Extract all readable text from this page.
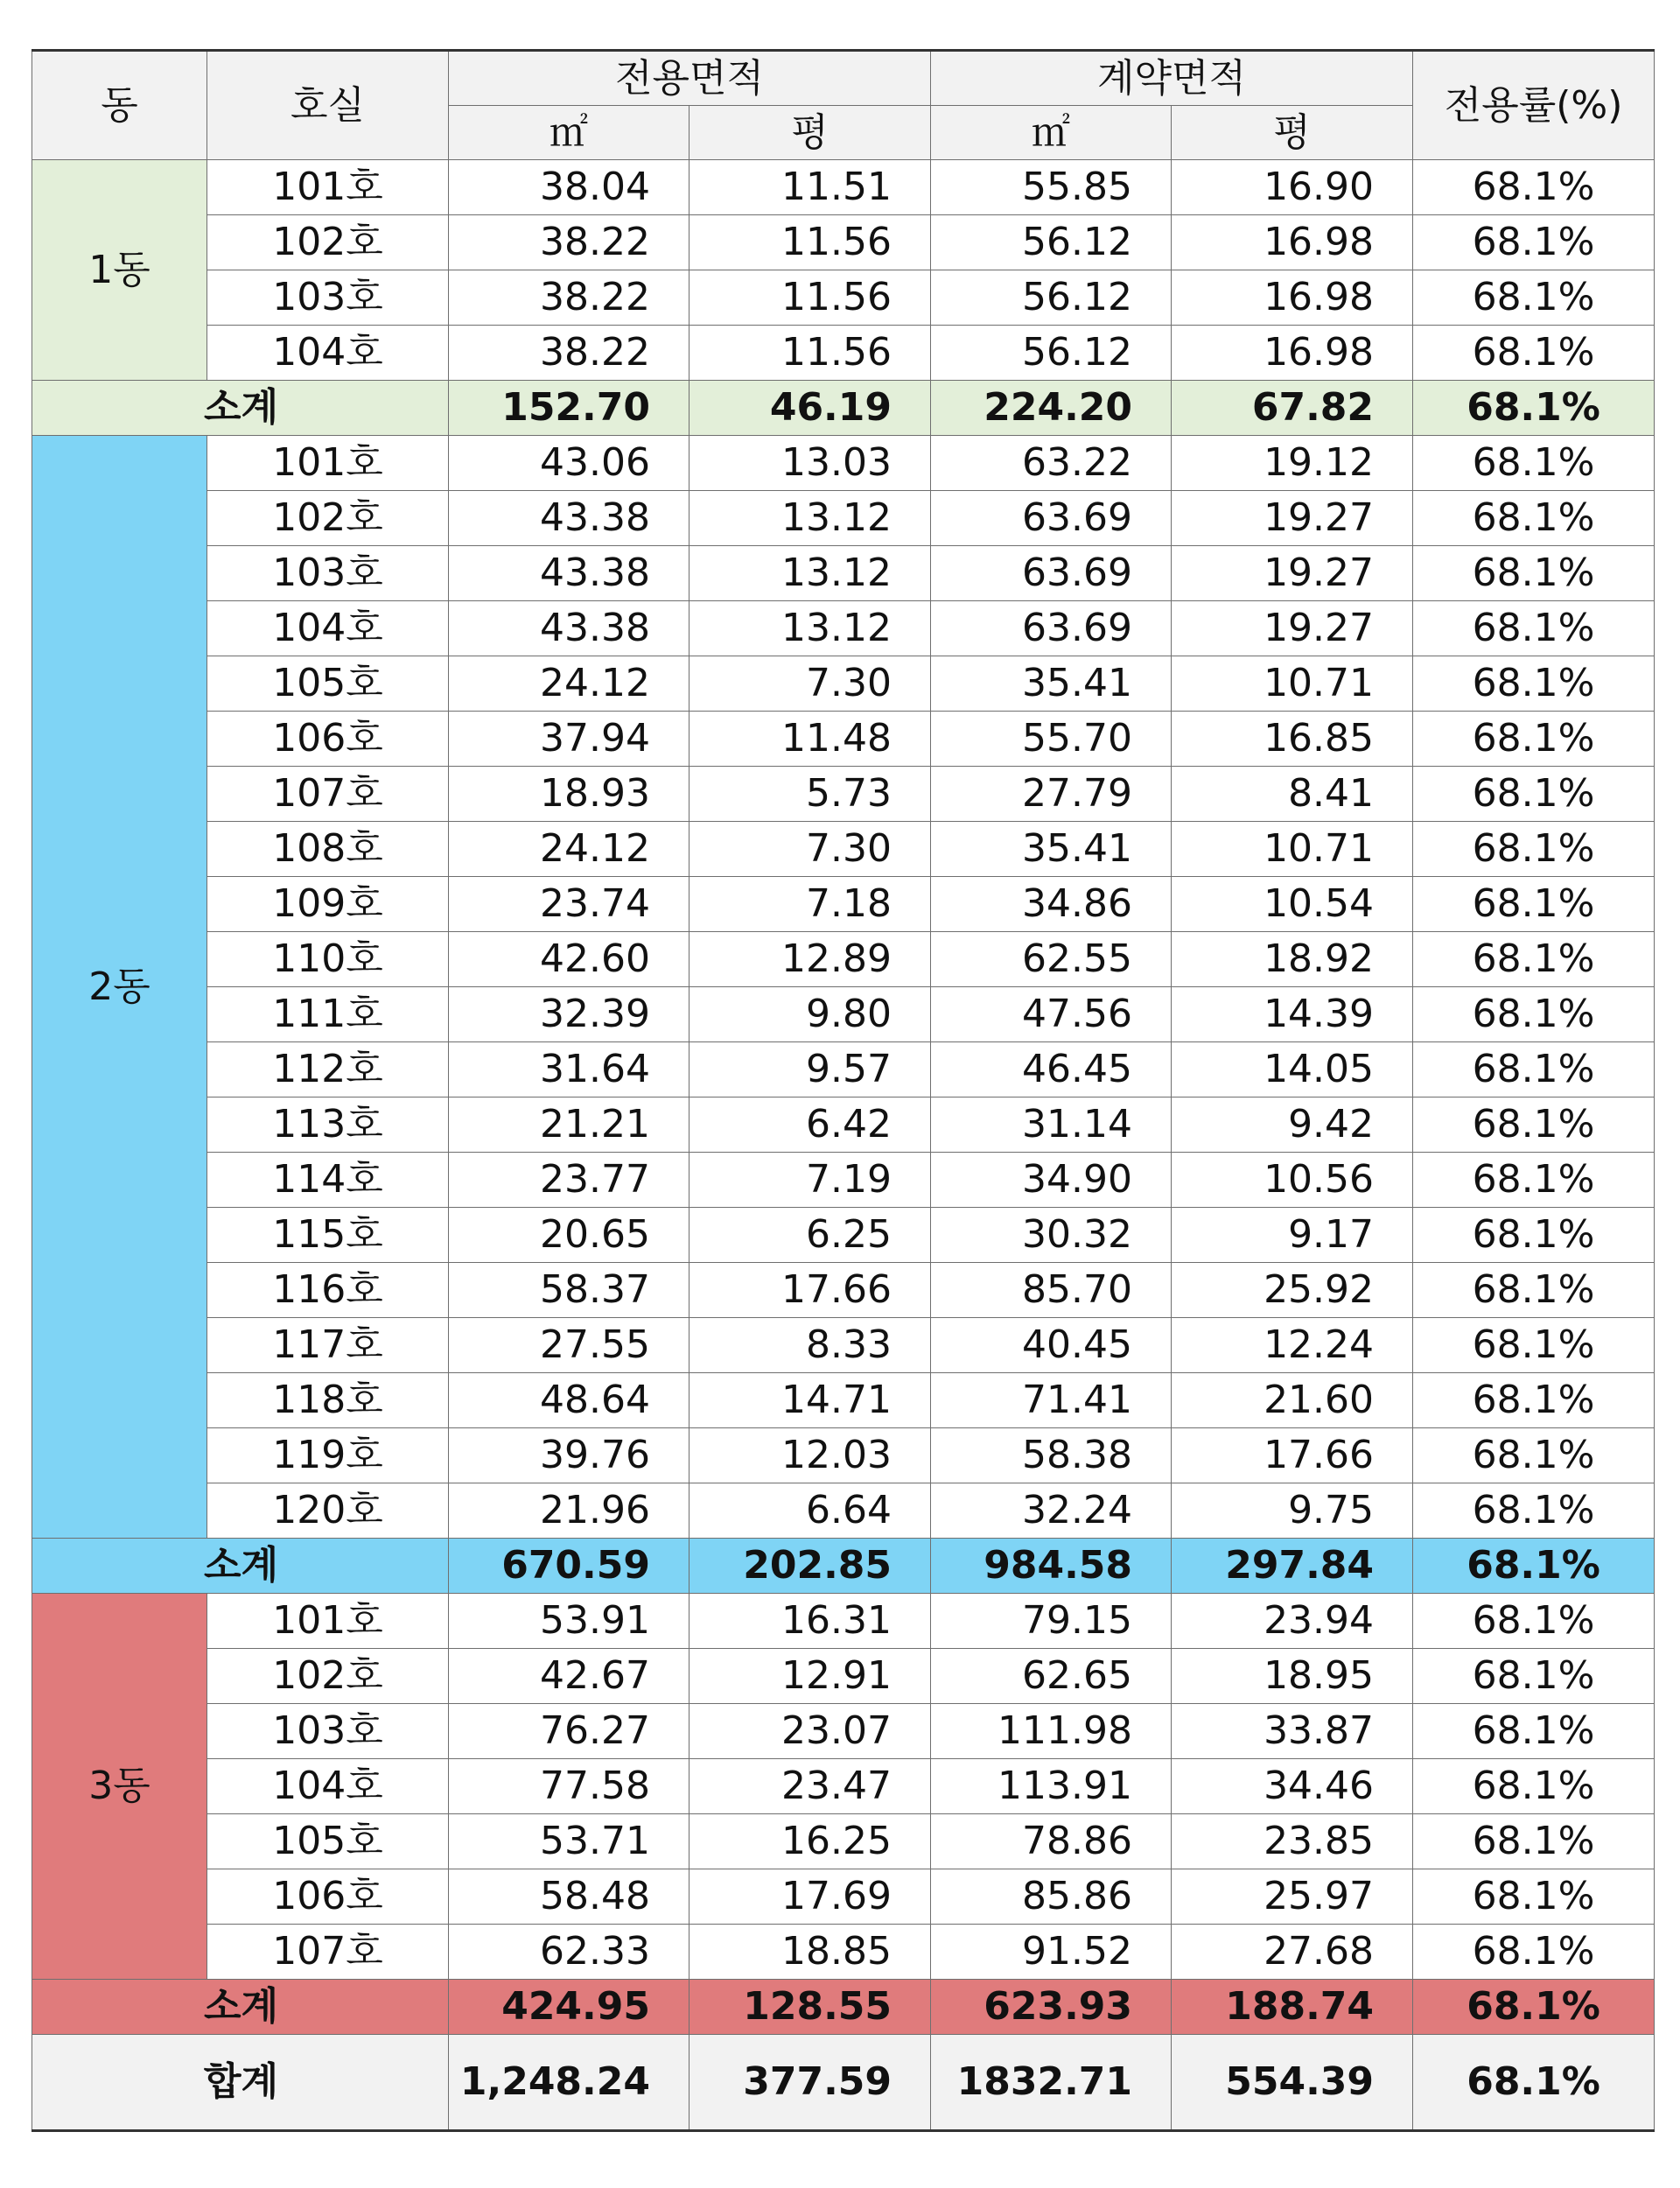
동	호실	전용면적		계약면적		전용률(%)
		㎡	평	㎡	평	
1동	101호	38.04	11.51	55.85	16.90	68.1%
	102호	38.22	11.56	56.12	16.98	68.1%
	103호	38.22	11.56	56.12	16.98	68.1%
	104호	38.22	11.56	56.12	16.98	68.1%
소계		152.70	46.19	224.20	67.82	68.1%
2동	101호	43.06	13.03	63.22	19.12	68.1%
	102호	43.38	13.12	63.69	19.27	68.1%
	103호	43.38	13.12	63.69	19.27	68.1%
	104호	43.38	13.12	63.69	19.27	68.1%
	105호	24.12	7.30	35.41	10.71	68.1%
	106호	37.94	11.48	55.70	16.85	68.1%
	107호	18.93	5.73	27.79	8.41	68.1%
	108호	24.12	7.30	35.41	10.71	68.1%
	109호	23.74	7.18	34.86	10.54	68.1%
	110호	42.60	12.89	62.55	18.92	68.1%
	111호	32.39	9.80	47.56	14.39	68.1%
	112호	31.64	9.57	46.45	14.05	68.1%
	113호	21.21	6.42	31.14	9.42	68.1%
	114호	23.77	7.19	34.90	10.56	68.1%
	115호	20.65	6.25	30.32	9.17	68.1%
	116호	58.37	17.66	85.70	25.92	68.1%
	117호	27.55	8.33	40.45	12.24	68.1%
	118호	48.64	14.71	71.41	21.60	68.1%
	119호	39.76	12.03	58.38	17.66	68.1%
	120호	21.96	6.64	32.24	9.75	68.1%
소계		670.59	202.85	984.58	297.84	68.1%
3동	101호	53.91	16.31	79.15	23.94	68.1%
	102호	42.67	12.91	62.65	18.95	68.1%
	103호	76.27	23.07	111.98	33.87	68.1%
	104호	77.58	23.47	113.91	34.46	68.1%
	105호	53.71	16.25	78.86	23.85	68.1%
	106호	58.48	17.69	85.86	25.97	68.1%
	107호	62.33	18.85	91.52	27.68	68.1%
소계		424.95	128.55	623.93	188.74	68.1%
합계		1,248.24	377.59	1832.71	554.39	68.1%
